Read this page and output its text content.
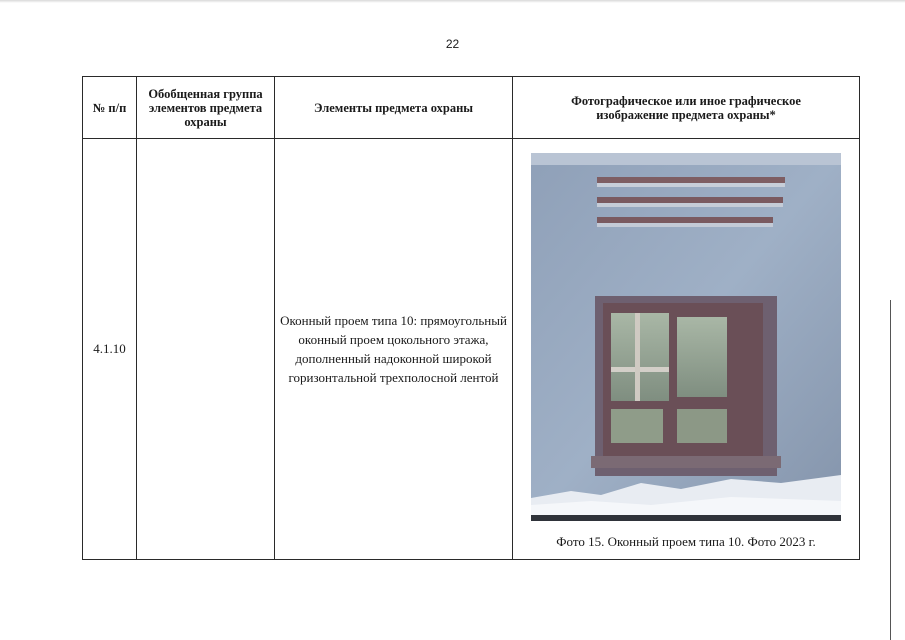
22
№ п/п	Обобщенная группа элементов предмета охраны	Элементы предмета охраны	Фотографическое или иное графическое изображение предмета охраны*
4.1.10		Оконный проем типа 10: прямоугольный оконный проем цокольного этажа, дополненный надоконной широкой горизонтальной трехполосной лентой	Фото 15. Оконный проем типа 10. Фото 2023 г.
